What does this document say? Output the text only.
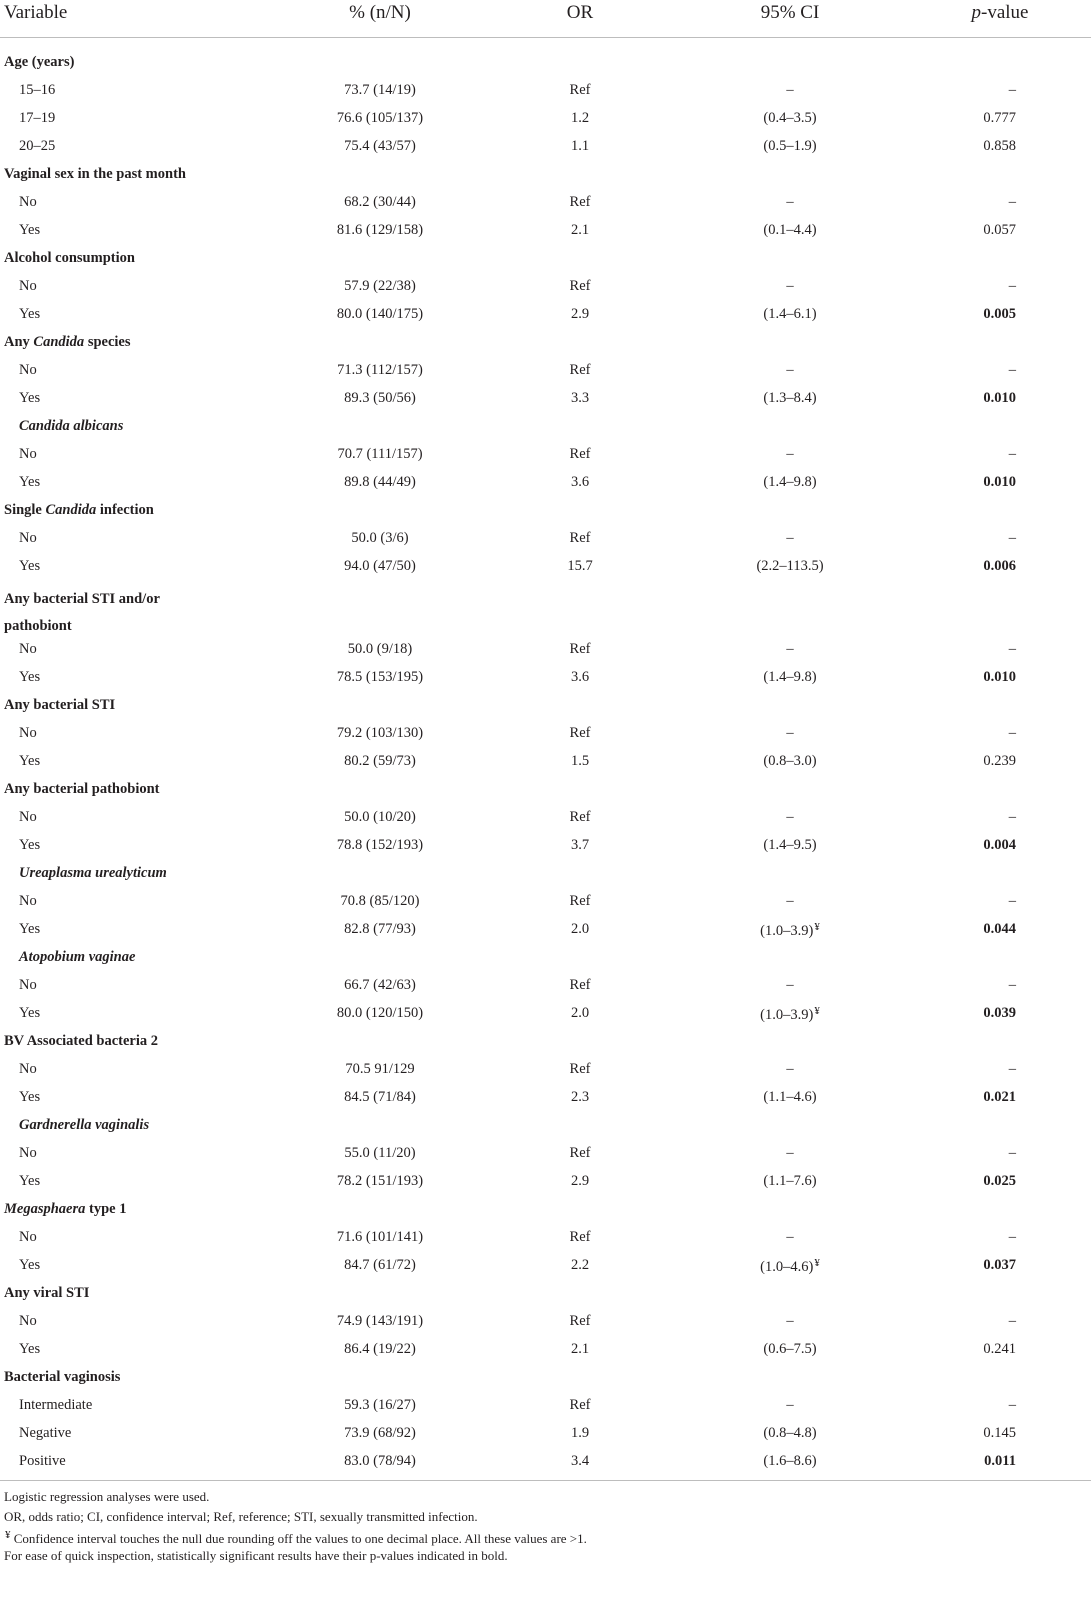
Variable	% (n/N)	OR	95% CI	p-value
Age (years)
15–16	73.7 (14/19)	Ref	–	–
17–19	76.6 (105/137)	1.2	(0.4–3.5)	0.777
20–25	75.4 (43/57)	1.1	(0.5–1.9)	0.858
Vaginal sex in the past month
No	68.2 (30/44)	Ref	–	–
Yes	81.6 (129/158)	2.1	(0.1–4.4)	0.057
Alcohol consumption
No	57.9 (22/38)	Ref	–	–
Yes	80.0 (140/175)	2.9	(1.4–6.1)	0.005
Any Candida species
No	71.3 (112/157)	Ref	–	–
Yes	89.3 (50/56)	3.3	(1.3–8.4)	0.010
Candida albicans
No	70.7 (111/157)	Ref	–	–
Yes	89.8 (44/49)	3.6	(1.4–9.8)	0.010
Single Candida infection
No	50.0 (3/6)	Ref	–	–
Yes	94.0 (47/50)	15.7	(2.2–113.5)	0.006
Any bacterial STI and/or pathobiont
No	50.0 (9/18)	Ref	–	–
Yes	78.5 (153/195)	3.6	(1.4–9.8)	0.010
Any bacterial STI
No	79.2 (103/130)	Ref	–	–
Yes	80.2 (59/73)	1.5	(0.8–3.0)	0.239
Any bacterial pathobiont
No	50.0 (10/20)	Ref	–	–
Yes	78.8 (152/193)	3.7	(1.4–9.5)	0.004
Ureaplasma urealyticum
No	70.8 (85/120)	Ref	–	–
Yes	82.8 (77/93)	2.0	(1.0–3.9)¥	0.044
Atopobium vaginae
No	66.7 (42/63)	Ref	–	–
Yes	80.0 (120/150)	2.0	(1.0–3.9)¥	0.039
BV Associated bacteria 2
No	70.5 91/129	Ref	–	–
Yes	84.5 (71/84)	2.3	(1.1–4.6)	0.021
Gardnerella vaginalis
No	55.0 (11/20)	Ref	–	–
Yes	78.2 (151/193)	2.9	(1.1–7.6)	0.025
Megasphaera type 1
No	71.6 (101/141)	Ref	–	–
Yes	84.7 (61/72)	2.2	(1.0–4.6)¥	0.037
Any viral STI
No	74.9 (143/191)	Ref	–	–
Yes	86.4 (19/22)	2.1	(0.6–7.5)	0.241
Bacterial vaginosis
Intermediate	59.3 (16/27)	Ref	–	–
Negative	73.9 (68/92)	1.9	(0.8–4.8)	0.145
Positive	83.0 (78/94)	3.4	(1.6–8.6)	0.011
Logistic regression analyses were used.
OR, odds ratio; CI, confidence interval; Ref, reference; STI, sexually transmitted infection.
¥ Confidence interval touches the null due rounding off the values to one decimal place. All these values are >1.
For ease of quick inspection, statistically significant results have their p-values indicated in bold.
